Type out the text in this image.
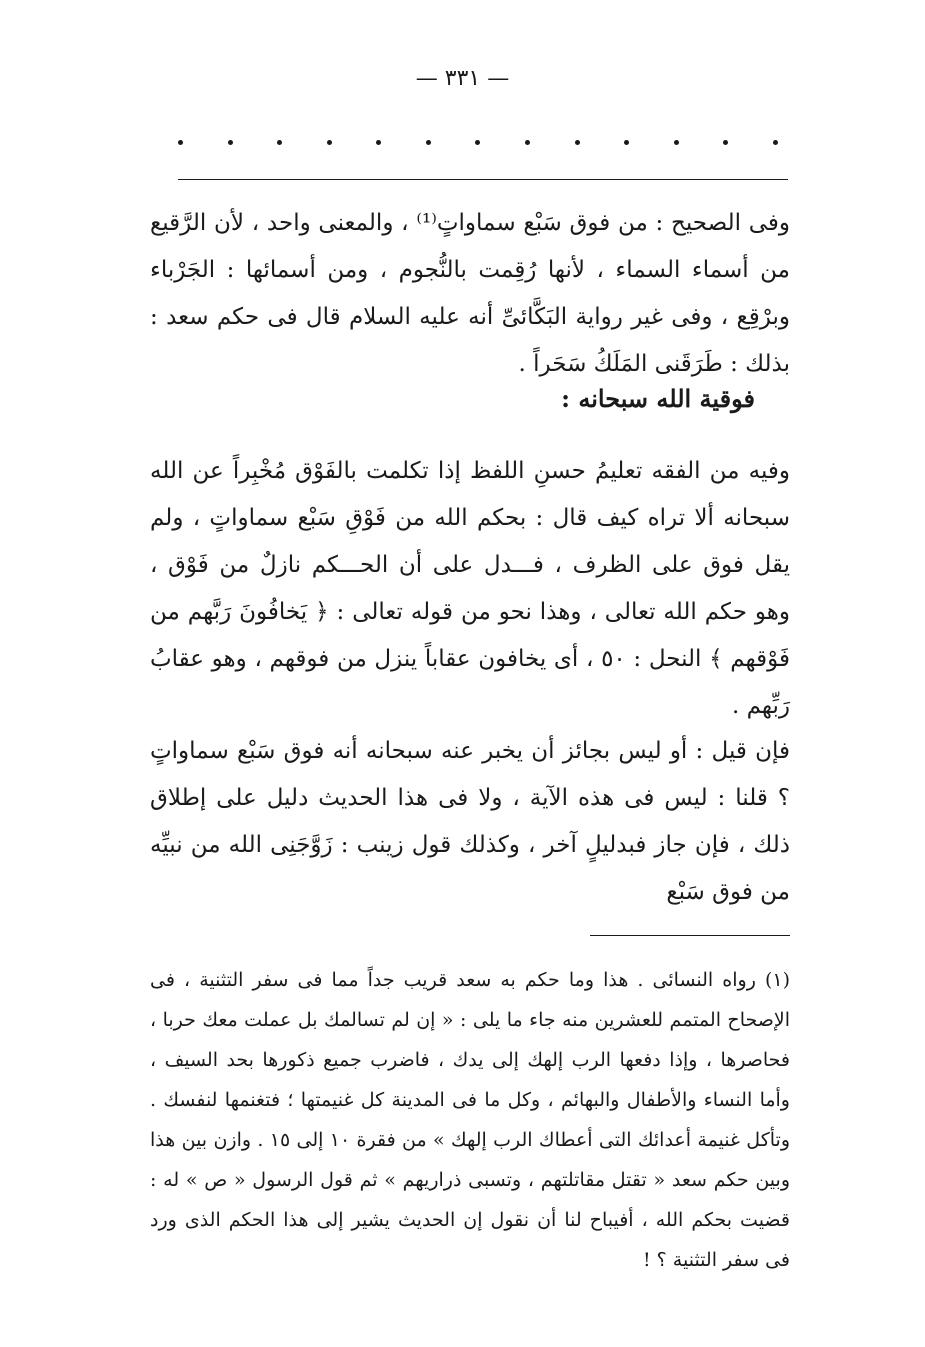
— ٣٣١ —

وفى الصحيح : من فوق سَبْع سماواتٍ⁽¹⁾ ، والمعنى واحد ، لأن الرَّقيع من أسماء السماء ، لأنها رُقِمت بالنُّجوم ، ومن أسمائها : الجَرْباء وبرْقِع ، وفى غير رواية البَكَّائىِّ أنه عليه السلام قال فى حكم سعد : بذلك : طَرَقَنى المَلَكُ سَحَراً .

فوقية الله سبحانه :

وفيه من الفقه تعليمُ حسنِ اللفظ إذا تكلمت بالفَوْق مُخْبِراً عن الله سبحانه ألا تراه كيف قال : بحكم الله من فَوْقِ سَبْع سماواتٍ ، ولم يقل فوق على الظرف ، فـــدل على أن الحـــكم نازلٌ من فَوْق ، وهو حكم الله تعالى ، وهذا نحو من قوله تعالى : ﴿ يَخافُونَ رَبَّهم من فَوْقهم ﴾ النحل : ٥٠ ، أى يخافون عقاباً ينزل من فوقهم ، وهو عقابُ رَبِّهم .

فإن قيل : أو ليس بجائز أن يخبر عنه سبحانه أنه فوق سَبْع سماواتٍ ؟ قلنا : ليس فى هذه الآية ، ولا فى هذا الحديث دليل على إطلاق ذلك ، فإن جاز فبدليلٍ آخر ، وكذلك قول زينب : زَوَّجَنِى الله من نبيِّه من فوق سَبْع

(١) رواه النسائى . هذا وما حكم به سعد قريب جداً مما فى سفر التثنية ، فى الإصحاح المتمم للعشرين منه جاء ما يلى : « إن لم تسالمك بل عملت معك حربا ، فحاصرها ، وإذا دفعها الرب إلهك إلى يدك ، فاضرب جميع ذكورها بحد السيف ، وأما النساء والأطفال والبهائم ، وكل ما فى المدينة كل غنيمتها ؛ فتغنمها لنفسك . وتأكل غنيمة أعدائك التى أعطاك الرب إلهك » من فقرة ١٠ إلى ١٥ . وازن بين هذا وبين حكم سعد « تقتل مقاتلتهم ، وتسبى ذراريهم » ثم قول الرسول « ص » له : قضيت بحكم الله ، أفيباح لنا أن نقول إن الحديث يشير إلى هذا الحكم الذى ورد فى سفر التثنية ؟ !
